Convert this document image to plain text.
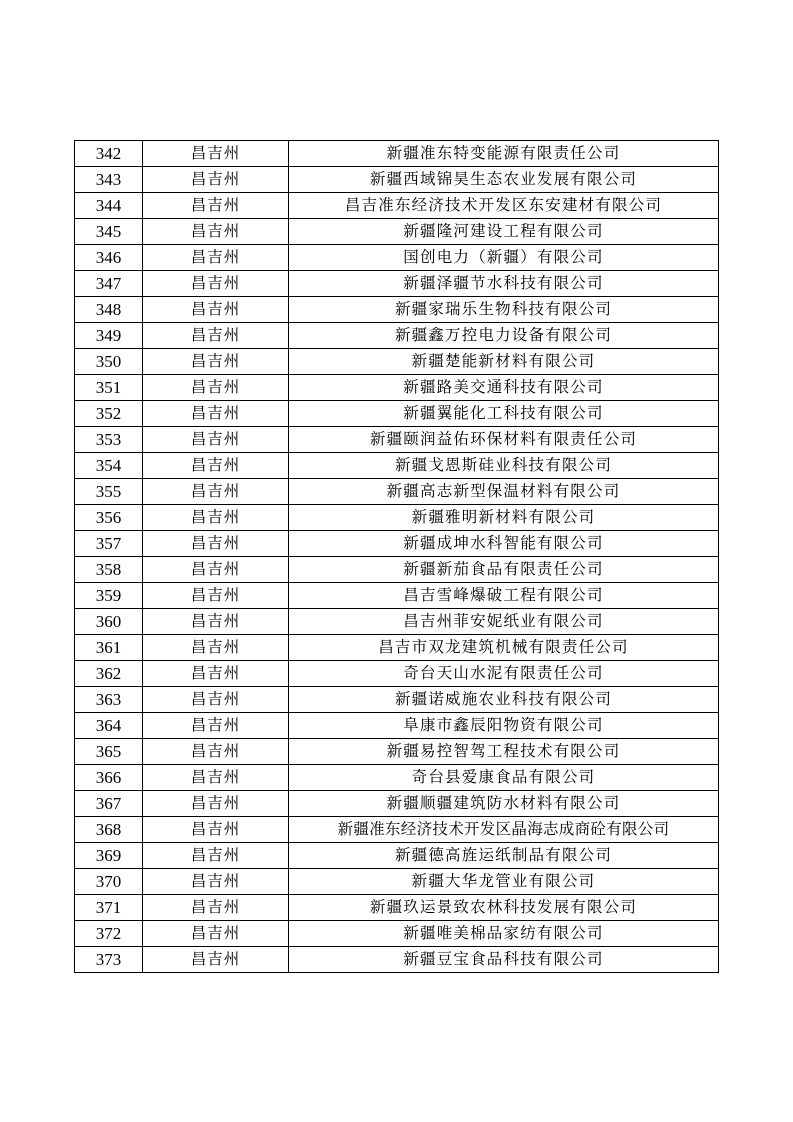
342	昌吉州	新疆准东特变能源有限责任公司
343	昌吉州	新疆西域锦昊生态农业发展有限公司
344	昌吉州	昌吉准东经济技术开发区东安建材有限公司
345	昌吉州	新疆隆河建设工程有限公司
346	昌吉州	国创电力（新疆）有限公司
347	昌吉州	新疆泽疆节水科技有限公司
348	昌吉州	新疆家瑞乐生物科技有限公司
349	昌吉州	新疆鑫万控电力设备有限公司
350	昌吉州	新疆楚能新材料有限公司
351	昌吉州	新疆路美交通科技有限公司
352	昌吉州	新疆翼能化工科技有限公司
353	昌吉州	新疆颐润益佑环保材料有限责任公司
354	昌吉州	新疆戈恩斯硅业科技有限公司
355	昌吉州	新疆高志新型保温材料有限公司
356	昌吉州	新疆雅明新材料有限公司
357	昌吉州	新疆成坤水科智能有限公司
358	昌吉州	新疆新茄食品有限责任公司
359	昌吉州	昌吉雪峰爆破工程有限公司
360	昌吉州	昌吉州菲安妮纸业有限公司
361	昌吉州	昌吉市双龙建筑机械有限责任公司
362	昌吉州	奇台天山水泥有限责任公司
363	昌吉州	新疆诺威施农业科技有限公司
364	昌吉州	阜康市鑫辰阳物资有限公司
365	昌吉州	新疆易控智驾工程技术有限公司
366	昌吉州	奇台县爱康食品有限公司
367	昌吉州	新疆顺疆建筑防水材料有限公司
368	昌吉州	新疆准东经济技术开发区晶海志成商砼有限公司
369	昌吉州	新疆德高旌运纸制品有限公司
370	昌吉州	新疆大华龙管业有限公司
371	昌吉州	新疆玖运景致农林科技发展有限公司
372	昌吉州	新疆唯美棉品家纺有限公司
373	昌吉州	新疆豆宝食品科技有限公司
